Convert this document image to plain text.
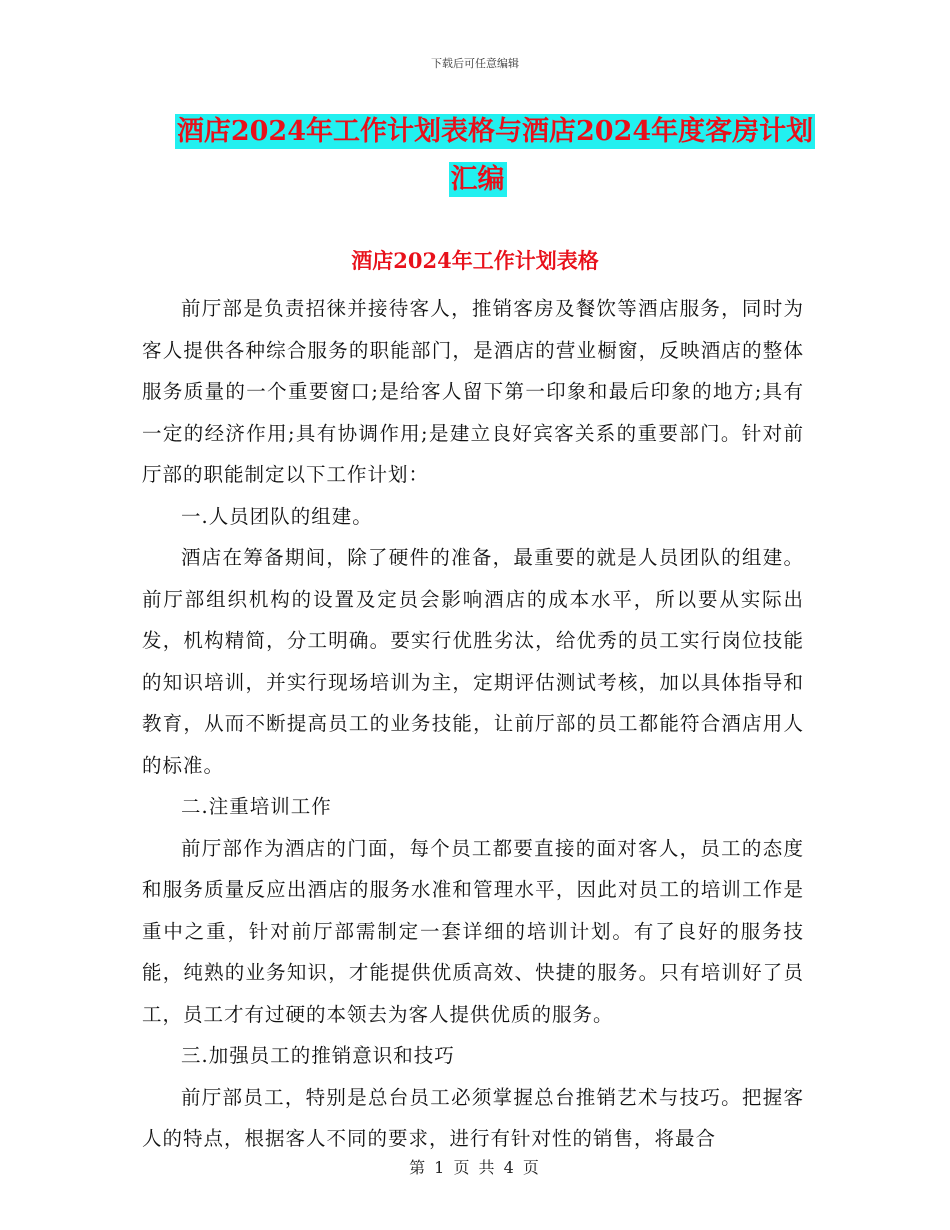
下载后可任意编辑
酒店2024年工作计划表格与酒店2024年度客房计划
汇编
酒店2024年工作计划表格

前厅部是负责招徕并接待客人，推销客房及餐饮等酒店服务，同时为客人提供各种综合服务的职能部门，是酒店的营业橱窗，反映酒店的整体服务质量的一个重要窗口;是给客人留下第一印象和最后印象的地方;具有一定的经济作用;具有协调作用;是建立良好宾客关系的重要部门。针对前厅部的职能制定以下工作计划：

一.人员团队的组建。

酒店在筹备期间，除了硬件的准备，最重要的就是人员团队的组建。前厅部组织机构的设置及定员会影响酒店的成本水平，所以要从实际出发，机构精简，分工明确。要实行优胜劣汰，给优秀的员工实行岗位技能的知识培训，并实行现场培训为主，定期评估测试考核，加以具体指导和教育，从而不断提高员工的业务技能，让前厅部的员工都能符合酒店用人的标准。

二.注重培训工作

前厅部作为酒店的门面，每个员工都要直接的面对客人，员工的态度和服务质量反应出酒店的服务水准和管理水平，因此对员工的培训工作是重中之重，针对前厅部需制定一套详细的培训计划。有了良好的服务技能，纯熟的业务知识，才能提供优质高效、快捷的服务。只有培训好了员工，员工才有过硬的本领去为客人提供优质的服务。

三.加强员工的推销意识和技巧

前厅部员工，特别是总台员工必须掌握总台推销艺术与技巧。把握客人的特点，根据客人不同的要求，进行有针对性的销售，将最合

第 1 页 共 4 页
